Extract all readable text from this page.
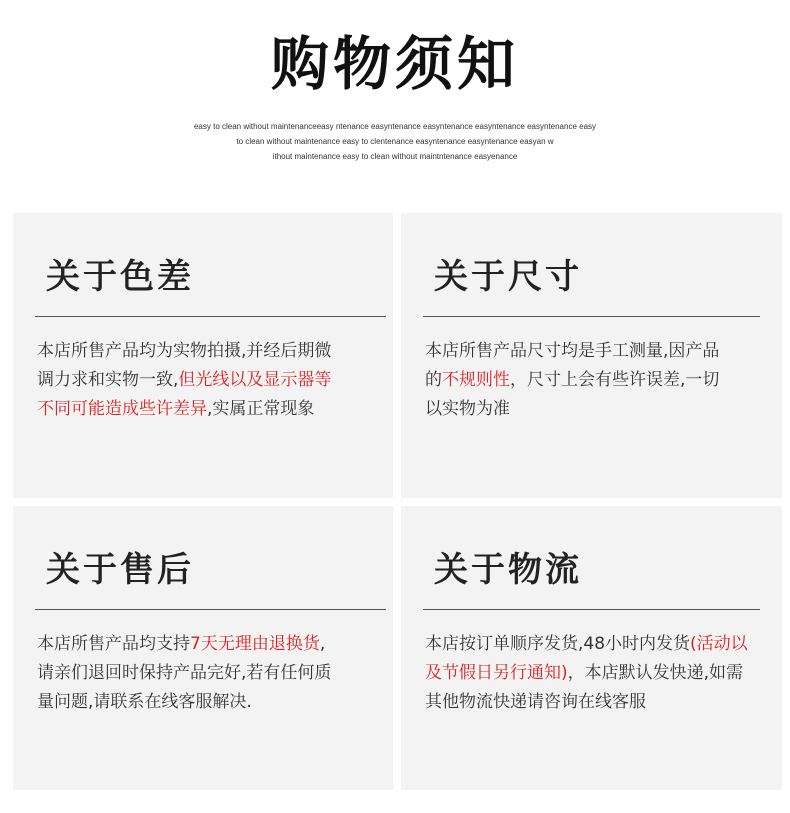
购物须知
easy to clean without maintenanceeasy ntenance easyntenance easyntenance easyntenance easyntenance easy
to clean without maintenance easy to clentenance easyntenance easyntenance easyan w
ithout maintenance easy to clean without maintntenance easyenance
关于色差
本店所售产品均为实物拍摄,并经后期微
调力求和实物一致,但光线以及显示器等
不同可能造成些许差异,实属正常现象
关于尺寸
本店所售产品尺寸均是手工测量,因产品
的不规则性，尺寸上会有些许误差,一切
以实物为准
关于售后
本店所售产品均支持7天无理由退换货,
请亲们退回时保持产品完好,若有任何质
量问题,请联系在线客服解决.
关于物流
本店按订单顺序发货,48小时内发货(活动以
及节假日另行通知)，本店默认发快递,如需
其他物流快递请咨询在线客服
